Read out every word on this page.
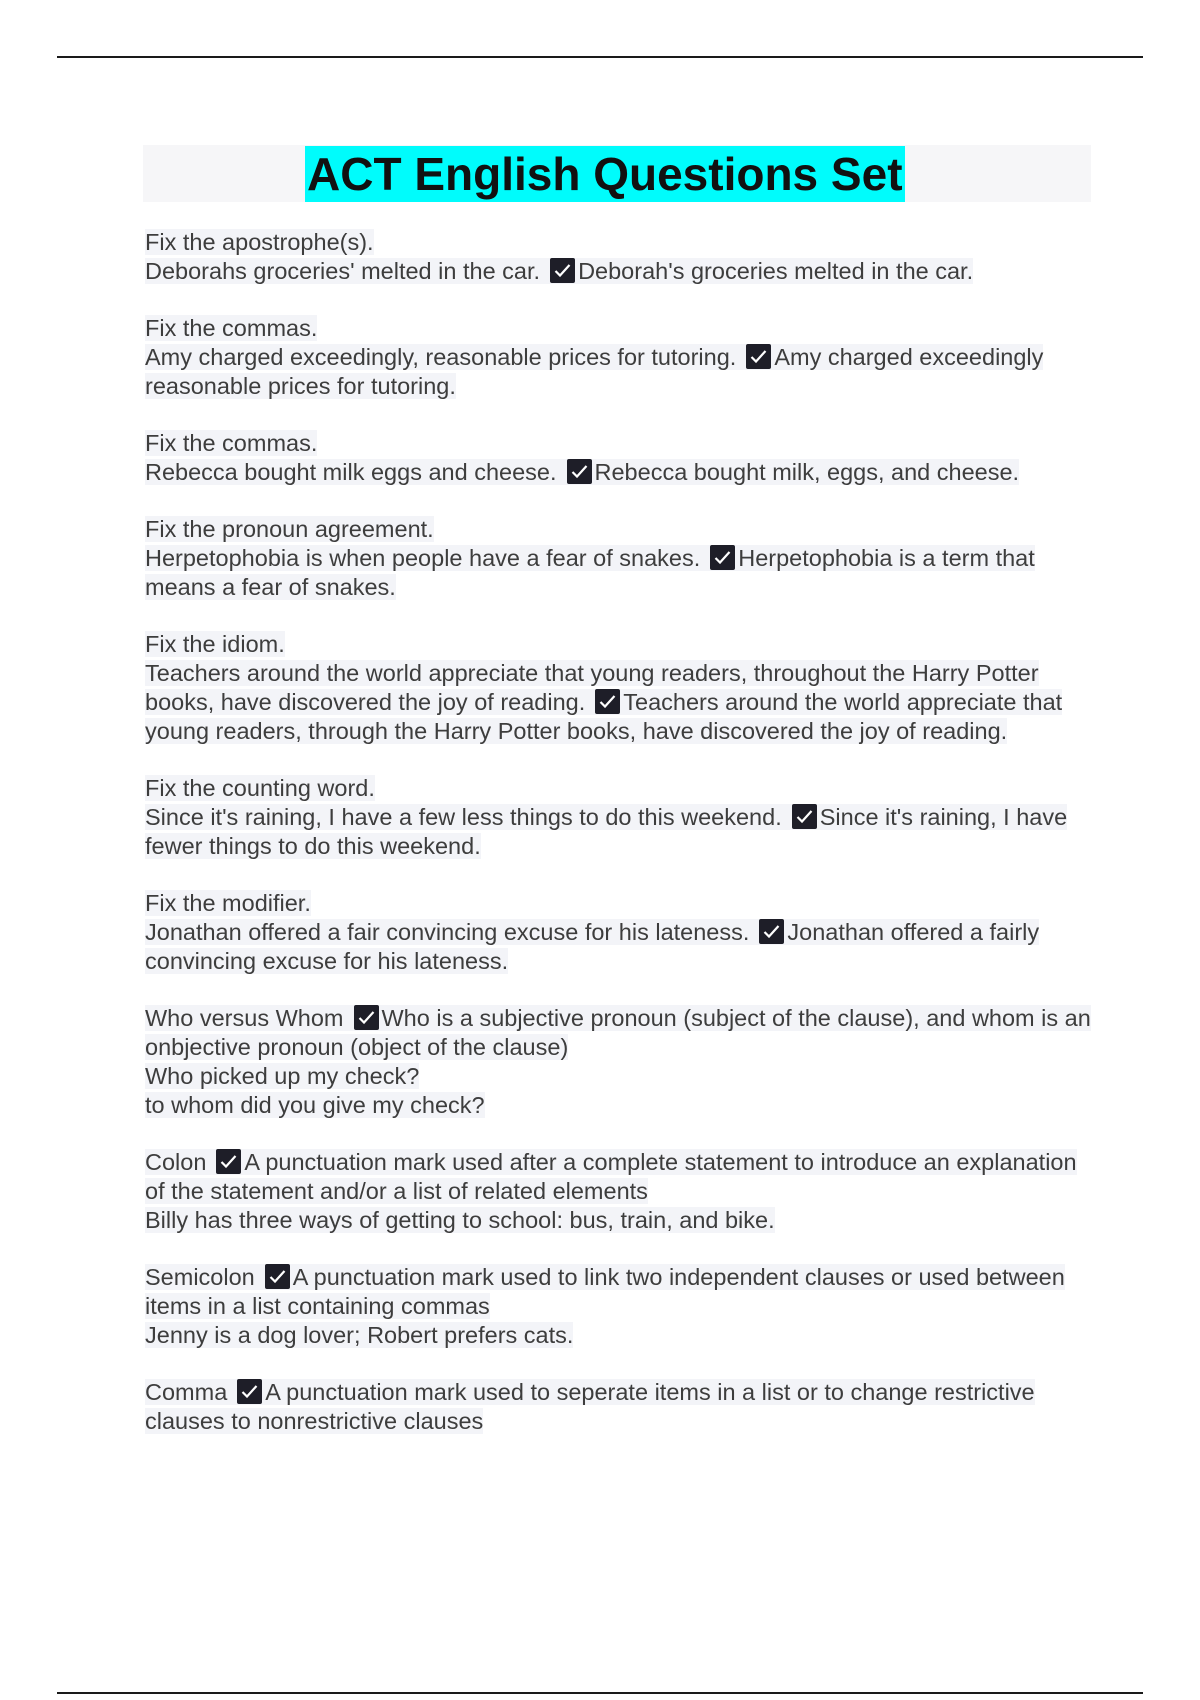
ACT English Questions Set
Fix the apostrophe(s).
Deborahs groceries' melted in the car. Deborah's groceries melted in the car.
Fix the commas.
Amy charged exceedingly, reasonable prices for tutoring. Amy charged exceedingly reasonable prices for tutoring.
Fix the commas.
Rebecca bought milk eggs and cheese. Rebecca bought milk, eggs, and cheese.
Fix the pronoun agreement.
Herpetophobia is when people have a fear of snakes. Herpetophobia is a term that means a fear of snakes.
Fix the idiom.
Teachers around the world appreciate that young readers, throughout the Harry Potter books, have discovered the joy of reading. Teachers around the world appreciate that young readers, through the Harry Potter books, have discovered the joy of reading.
Fix the counting word.
Since it's raining, I have a few less things to do this weekend. Since it's raining, I have fewer things to do this weekend.
Fix the modifier.
Jonathan offered a fair convincing excuse for his lateness. Jonathan offered a fairly convincing excuse for his lateness.
Who versus Whom Who is a subjective pronoun (subject of the clause), and whom is an onbjective pronoun (object of the clause)
Who picked up my check?
to whom did you give my check?
Colon A punctuation mark used after a complete statement to introduce an explanation of the statement and/or a list of related elements
Billy has three ways of getting to school: bus, train, and bike.
Semicolon A punctuation mark used to link two independent clauses or used between items in a list containing commas
Jenny is a dog lover; Robert prefers cats.
Comma A punctuation mark used to seperate items in a list or to change restrictive clauses to nonrestrictive clauses
